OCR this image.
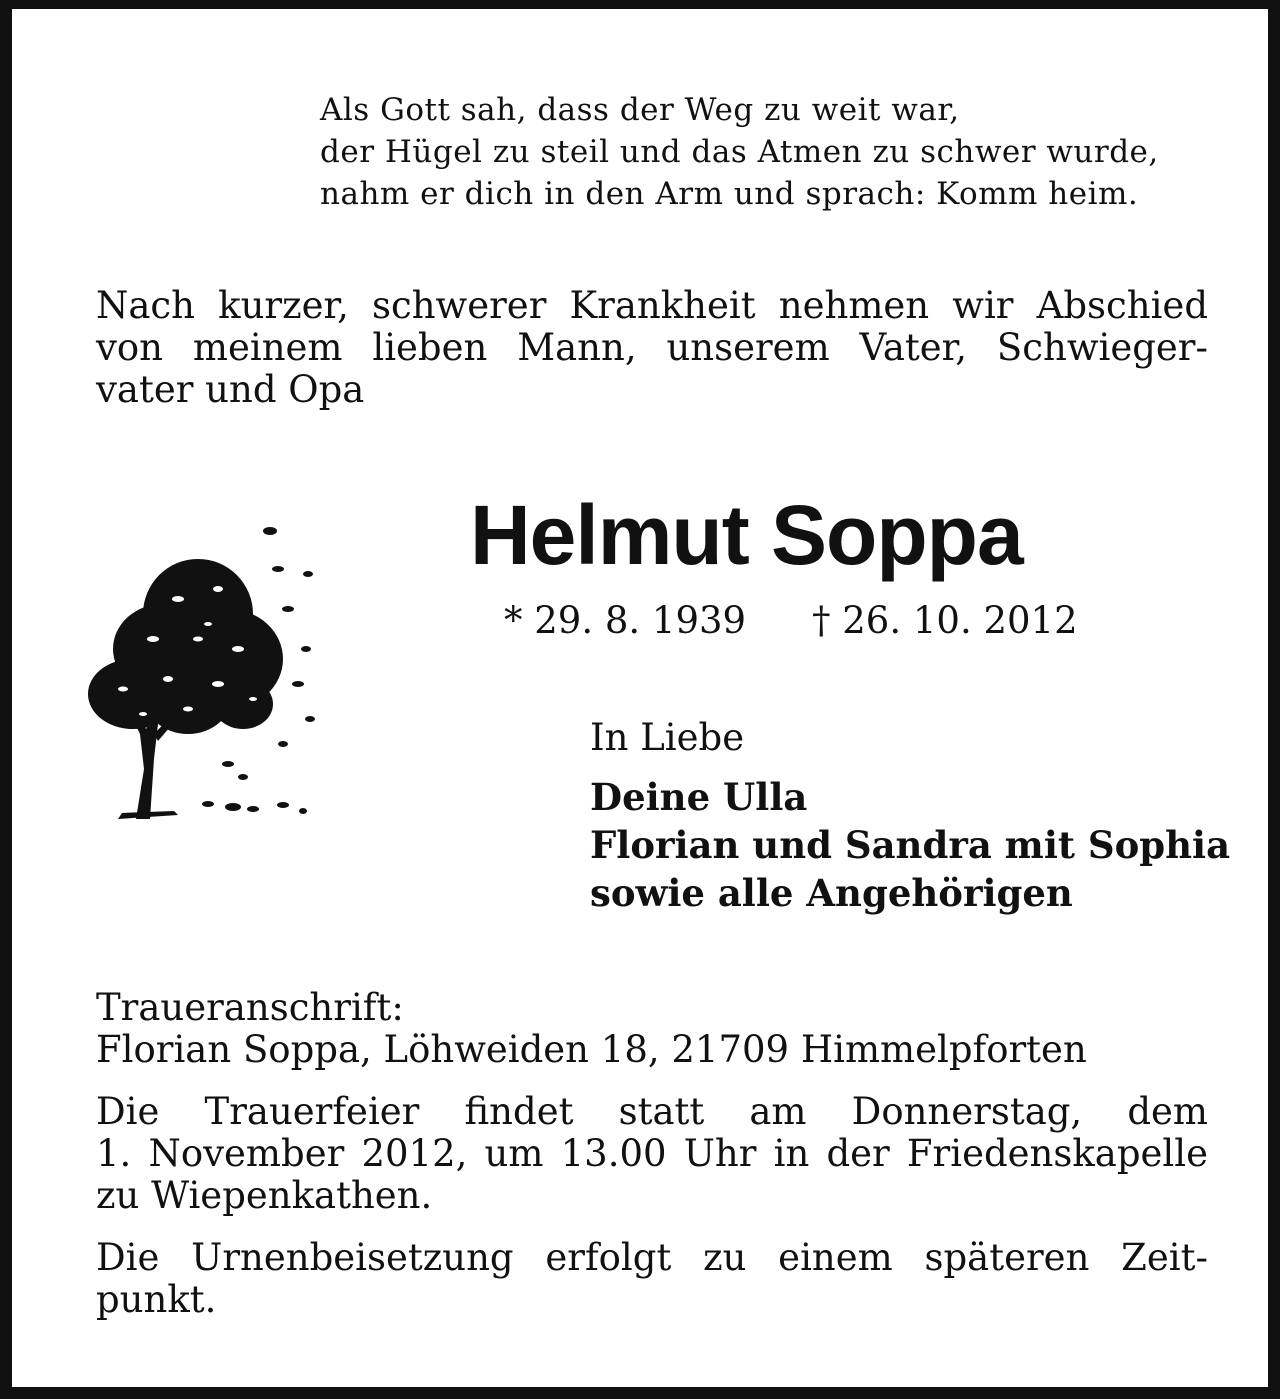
Als Gott sah, dass der Weg zu weit war,
der Hügel zu steil und das Atmen zu schwer wurde,
nahm er dich in den Arm und sprach: Komm heim.
Nach kurzer, schwerer Krankheit nehmen wir Abschied
von meinem lieben Mann, unserem Vater, Schwieger-
vater und Opa
Helmut Soppa
* 29. 8. 1939 † 26. 10. 2012
In Liebe
Deine Ulla
Florian und Sandra mit Sophia
sowie alle Angehörigen
Traueranschrift:
Florian Soppa, Löhweiden 18, 21709 Himmelpforten
Die Trauerfeier findet statt am Donnerstag, dem
1. November 2012, um 13.00 Uhr in der Friedenskapelle
zu Wiepenkathen.
Die Urnenbeisetzung erfolgt zu einem späteren Zeit-
punkt.
